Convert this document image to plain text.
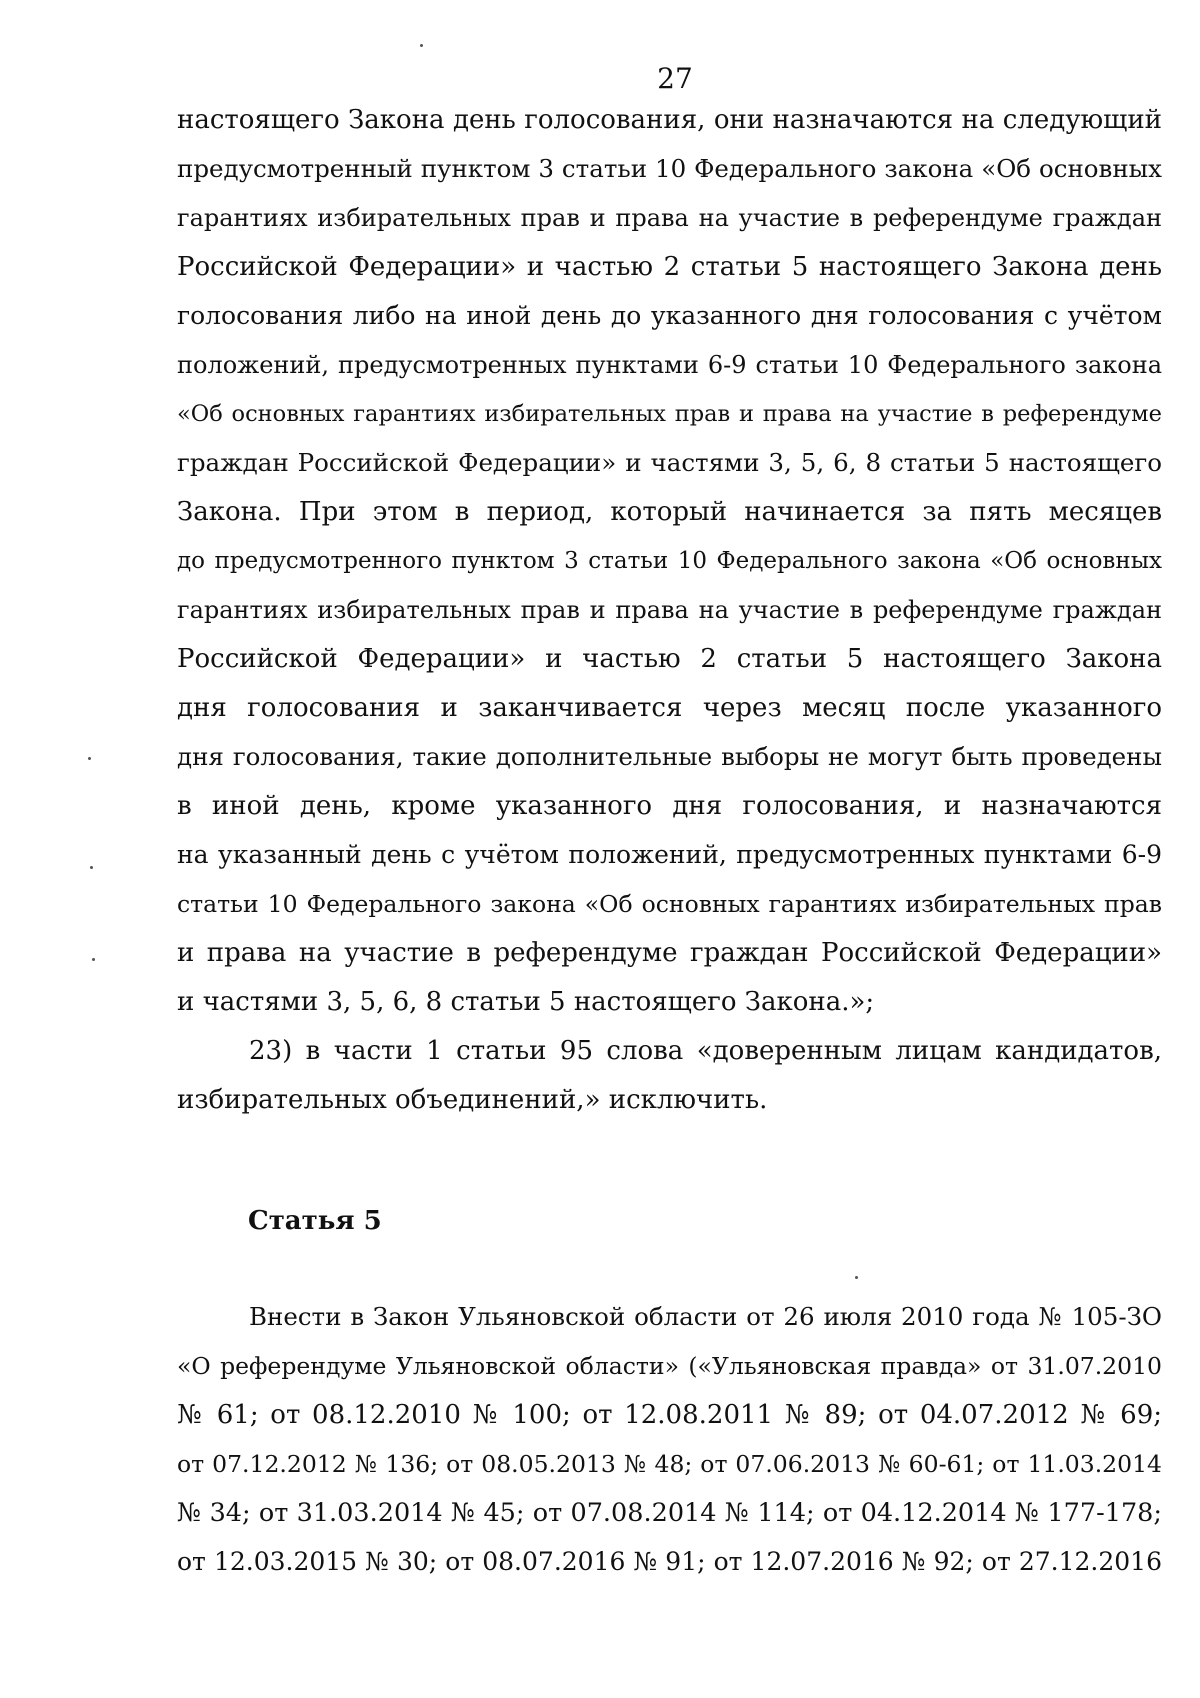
27
настоящего Закона день голосования, они назначаются на следующий
предусмотренный пунктом 3 статьи 10 Федерального закона «Об основных
гарантиях избирательных прав и права на участие в референдуме граждан
Российской Федерации» и частью 2 статьи 5 настоящего Закона день
голосования либо на иной день до указанного дня голосования с учётом
положений, предусмотренных пунктами 6-9 статьи 10 Федерального закона
«Об основных гарантиях избирательных прав и права на участие в референдуме
граждан Российской Федерации» и частями 3, 5, 6, 8 статьи 5 настоящего
Закона. При этом в период, который начинается за пять месяцев
до предусмотренного пунктом 3 статьи 10 Федерального закона «Об основных
гарантиях избирательных прав и права на участие в референдуме граждан
Российской Федерации» и частью 2 статьи 5 настоящего Закона
дня голосования и заканчивается через месяц после указанного
дня голосования, такие дополнительные выборы не могут быть проведены
в иной день, кроме указанного дня голосования, и назначаются
на указанный день с учётом положений, предусмотренных пунктами 6-9
статьи 10 Федерального закона «Об основных гарантиях избирательных прав
и права на участие в референдуме граждан Российской Федерации»
и частями 3, 5, 6, 8 статьи 5 настоящего Закона.»;
23) в части 1 статьи 95 слова «доверенным лицам кандидатов,
избирательных объединений,» исключить.
Внести в Закон Ульяновской области от 26 июля 2010 года № 105-ЗО
«О референдуме Ульяновской области» («Ульяновская правда» от 31.07.2010
№ 61; от 08.12.2010 № 100; от 12.08.2011 № 89; от 04.07.2012 № 69;
от 07.12.2012 № 136; от 08.05.2013 № 48; от 07.06.2013 № 60-61; от 11.03.2014
№ 34; от 31.03.2014 № 45; от 07.08.2014 № 114; от 04.12.2014 № 177-178;
от 12.03.2015 № 30; от 08.07.2016 № 91; от 12.07.2016 № 92; от 27.12.2016
Статья 5
